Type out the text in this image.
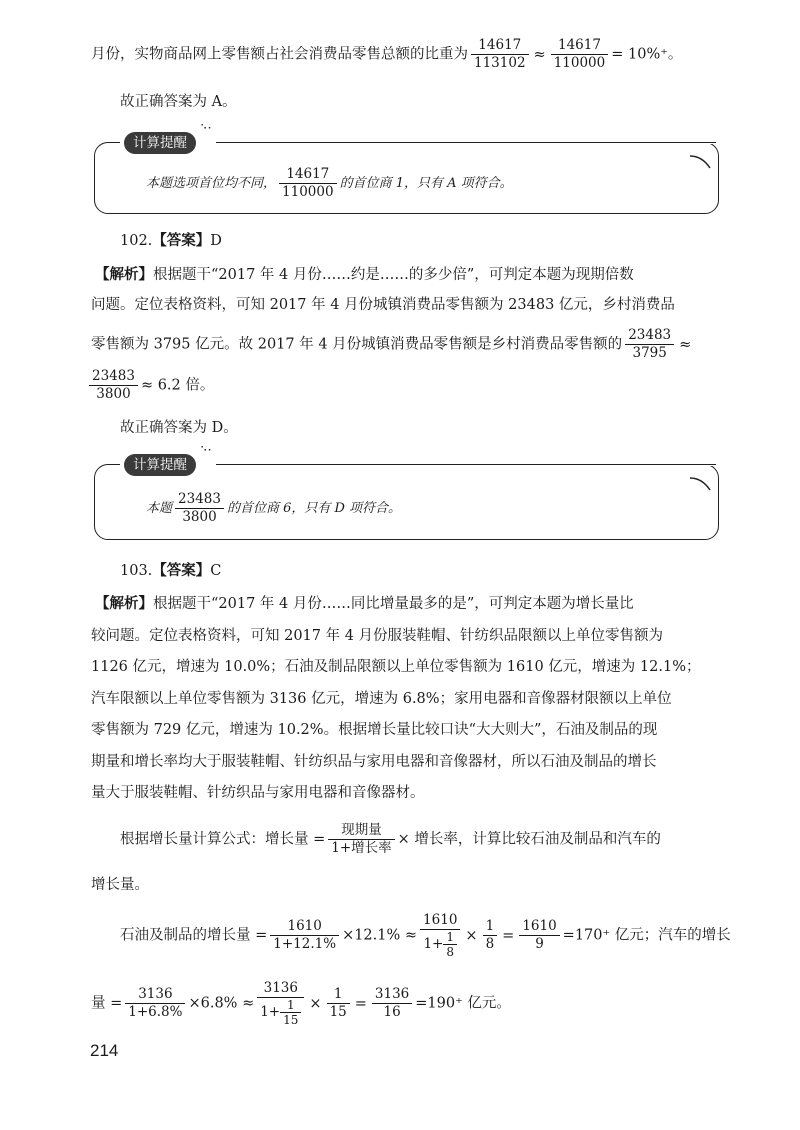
月份，实物商品网上零售额占社会消费品零售总额的比重为 $\frac{14617}{113102} \approx \frac{14617}{110000} = 10\%^+$。
故正确答案为 A。
计算提醒
⠑⠂
本题选项首位均不同， $\frac{14617}{110000}$ 的首位商 1，只有 A 项符合。
102.【答案】D
【解析】根据题干“2017 年 4 月份……约是……的多少倍”，可判定本题为现期倍数
问题。定位表格资料，可知 2017 年 4 月份城镇消费品零售额为 23483 亿元，乡村消费品
零售额为 3795 亿元。故 2017 年 4 月份城镇消费品零售额是乡村消费品零售额的 $\frac{23483}{3795}$ ≈
$\frac{23483}{3800} \approx 6.2$ 倍。
故正确答案为 D。
计算提醒
⠑⠂
本题 $\frac{23483}{3800}$ 的首位商 6，只有 D 项符合。
103.【答案】C
【解析】根据题干“2017 年 4 月份……同比增量最多的是”，可判定本题为增长量比
较问题。定位表格资料，可知 2017 年 4 月份服装鞋帽、针纺织品限额以上单位零售额为
1126 亿元，增速为 10.0%；石油及制品限额以上单位零售额为 1610 亿元，增速为 12.1%；
汽车限额以上单位零售额为 3136 亿元，增速为 6.8%；家用电器和音像器材限额以上单位
零售额为 729 亿元，增速为 10.2%。根据增长量比较口诀“大大则大”，石油及制品的现
期量和增长率均大于服装鞋帽、针纺织品与家用电器和音像器材，所以石油及制品的增长
量大于服装鞋帽、针纺织品与家用电器和音像器材。
根据增长量计算公式：增长量 = $\frac{\text{现期量}}{\text{1+增长率}}$ × 增长率，计算比较石油及制品和汽车的
增长量。
石油及制品的增长量 = $\frac{1610}{1+12.1\%} \times 12.1\% \approx \frac{1610}{1+ \frac{1}{8}} \times \frac{1}{8} = \frac{1610}{9} =170^+$ 亿元；汽车的增长
量 = $\frac{3136}{1+6.8\%} \times 6.8\% \approx \frac{3136}{1+ \frac{1}{15}} \times \frac{1}{15} = \frac{3136}{16} =190^+$ 亿元。
214
